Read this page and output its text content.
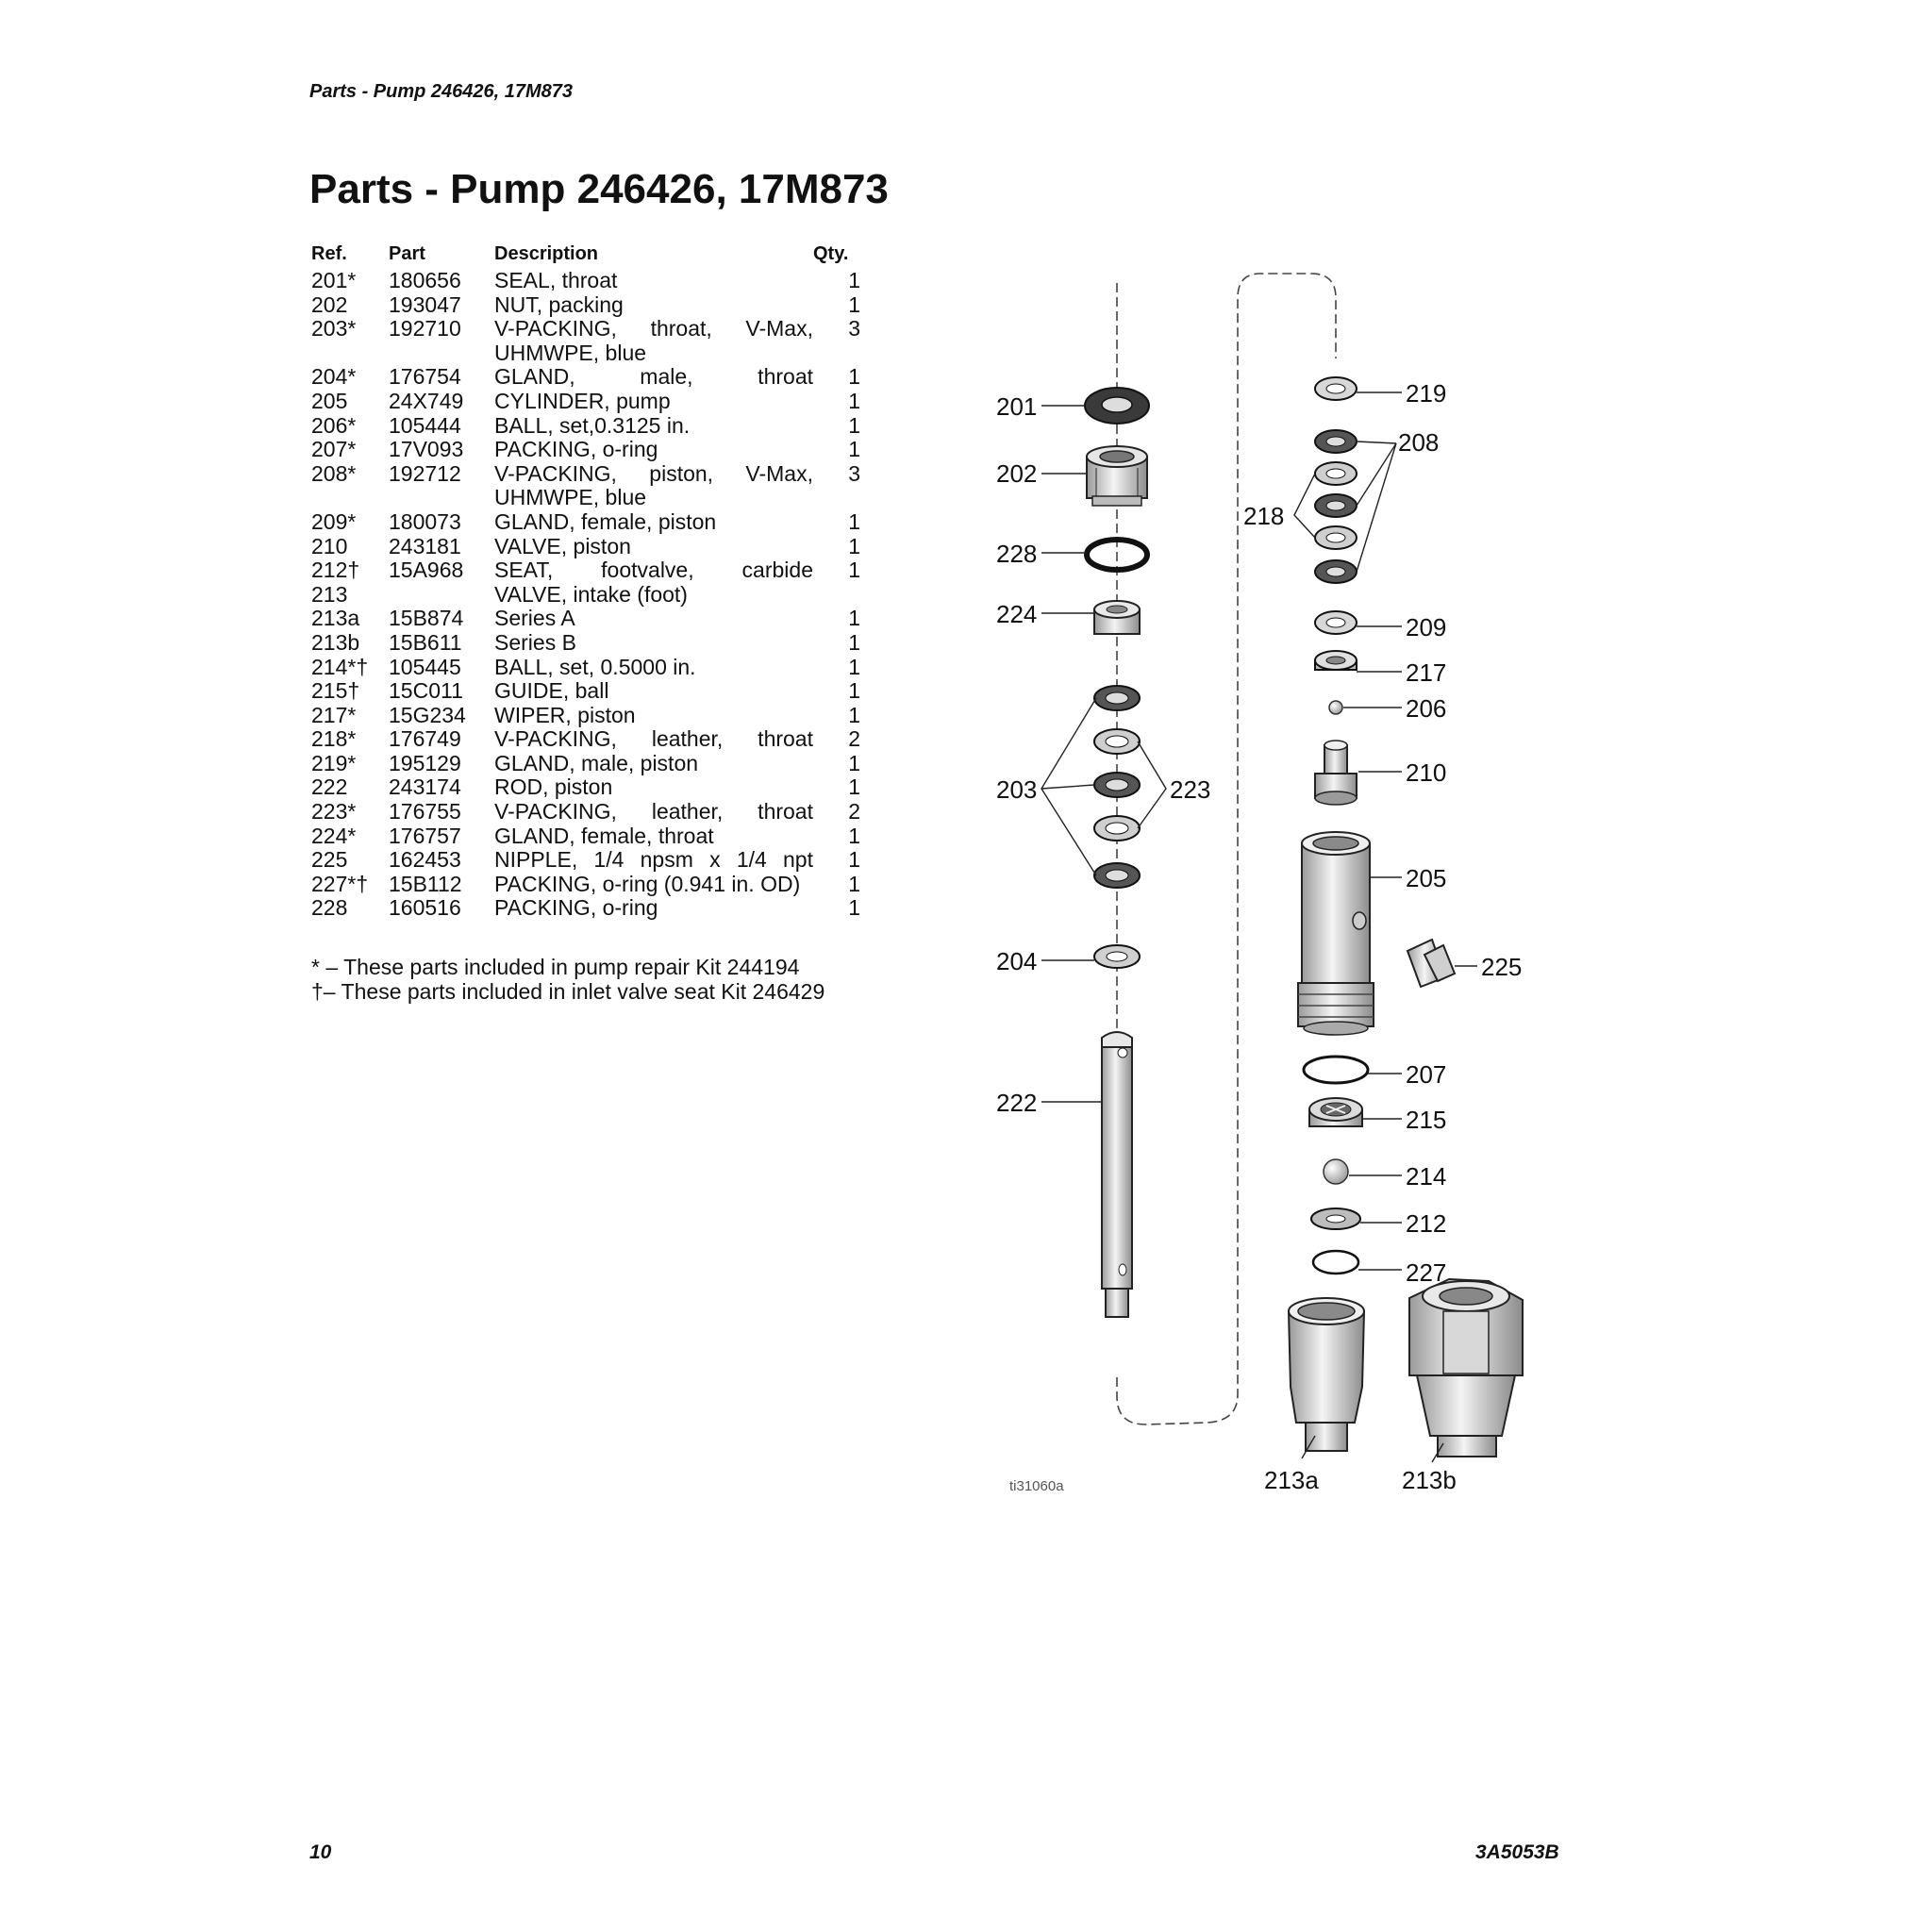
Parts - Pump 246426, 17M873
Parts - Pump 246426, 17M873
Ref.	Part	Description	Qty.
201*	180656	SEAL, throat	1
202	193047	NUT, packing	1
203*	192710	V-PACKING, throat, V-Max,	3
		UHMWPE, blue	
204*	176754	GLAND, male, throat	1
205	24X749	CYLINDER, pump	1
206*	105444	BALL, set,0.3125 in.	1
207*	17V093	PACKING, o-ring	1
208*	192712	V-PACKING, piston, V-Max,	3
		UHMWPE, blue	
209*	180073	GLAND, female, piston	1
210	243181	VALVE, piston	1
212†	15A968	SEAT, footvalve, carbide	1
213		VALVE, intake (foot)	
213a	15B874	Series A	1
213b	15B611	Series B	1
214*†	105445	BALL, set, 0.5000 in.	1
215†	15C011	GUIDE, ball	1
217*	15G234	WIPER, piston	1
218*	176749	V-PACKING, leather, throat	2
219*	195129	GLAND, male, piston	1
222	243174	ROD, piston	1
223*	176755	V-PACKING, leather, throat	2
224*	176757	GLAND, female, throat	1
225	162453	NIPPLE, 1/4 npsm x 1/4 npt	1
227*†	15B112	PACKING, o-ring (0.941 in. OD)	1
228	160516	PACKING, o-ring	1
* – These parts included in pump repair Kit 244194
†– These parts included in inlet valve seat Kit 246429
201
202
228
224
203	223
204
222
219
208
218
209
217
206
210
205
225
207
215
214
212
227
213a	213b
ti31060a
10	3A5053B
